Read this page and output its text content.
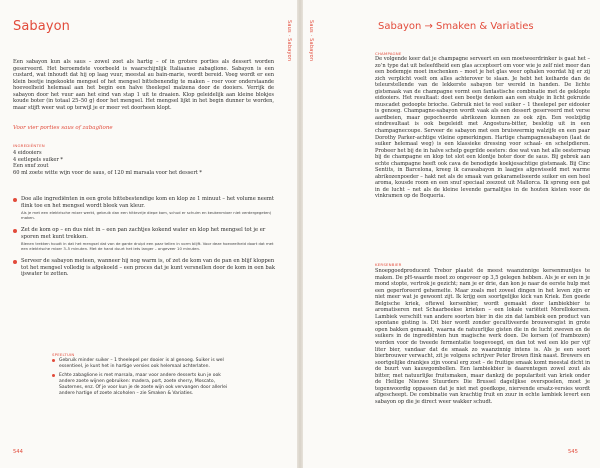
Sabayon

Een sabayon kun als saus – zowel zoet als hartig – of in grotere porties als dessert worden geserveerd. Het beroemdste voorbeeld is waarschijnlijk Italiaanse zabaglione. Sabayon is een custard, wat inhoudt dat hij op laag vuur, meestal au bain-marie, wordt bereid. Voeg wordt er een klein beetje ingekookte mengsel of het mengsel bittebenendig te maken – roer voor onderstaande hoeveelheid helemaal aan het begin een halve theelepel maïzena door de dooiers. Verrijk de sabayon door het vuur aan het eind van stap 1 uit te draaien. Klop geleidelijk aan kleine blokjes koude boter (in totaal 25–50 g) door het mengsel. Het mengsel lijkt in het begin dunner te worden, maar stijft weer wat op terwijl je er meer vet doorheen klopt.

Voor vier porties saus of zabaglione

INGREDIËNTEN
4 eidooiers
4 eetlepels suiker *
Een snuf zout
60 ml zoete witte wijn voor de saus, of 120 ml marsala voor het dessert *
Doe alle ingrediënten in een grote bittebestendige kom en klop ze 1 minuut – het volume neemt flink toe en het mengsel wordt bleek van kleur.
Als je met een elektrische mixer werkt, gebruik dan een hittevrije diepe kom, schud er schuim en keukenmixer niet verdergegeten) maken.
Zet de kom op – en dus niet in – een pan zachtjes kokend water en klop het mengsel tot je er sporen met kunt trekken.
Blenen trekken houdt in dat het mengsel dat van de garde druipt een paar tellen in vorm blijft. Voor deze hoeveelheid doort dat met een elektrische mixer 3–5 minuten. Met de hand duurt het iets langer – ongeveer 10 minuten.
Serveer de sabayon meteen, wanneer hij nog warm is, of zet de kom van de pan en blijf kloppen tot het mengsel volledig is afgekoeld – een proces dat je kunt versnellen door de kom in een bak ijswater te zetten.
SPEELTUIN
Gebruik minder suiker – 1 theelepel per dooier is al genoeg. Suiker is wel essentieel, je kunt het in hartige versies ook helemaal achterlaten.
Echte zabaglione is met marsala, maar voor andere desserts kun je ook andere zoete wijnen gebruiken: madera, port, zoete sherry, Moscato, Sauternes, enz. Of je voor kun je de zoete wijn ook vervangen door allerlei andere hartige of zoete alcoholen – zie Smaken & Variaties.
544
Saus · Sabayon	Saus · Sabayon	Sabayon → Smaken & Variaties
CHAMPAGNE

De volgende keer dat je champagne serveert en een moetweerdrinker is gaat het – zo’n type dat uit beleefdheid een glas accepteert om voor wie je zelf niet meer dan een bodempje moet inschenken – moet je het glas weer ophalen voordat hij er zij zich verplicht voelt om alles achterover te slaan. Je hebt het keiharde dan de teleurstellende van de lekkerste sabayon ter wereld in handen. De lichte gistsmaak van de champagne vormt een fantastische combinatie met de gekloptе eidooiers. Het resultaat: doet een beetje denken aan een stukje in licht gekruide muscadet gedoopte brioche. Gebruik niet te veel suiker – 1 theelepel per eidooier is genoeg. Champagne-sabayon wordt vaak als een dessert geserveerd met verse aardbeien, maar gepocheerde abrikozen kunnen ze ook zijn. Een veelzijdig eindresultaat is ook begeleidt met Angostura-bitter, beslotig uit in een champagnecoupe. Serveer de sabayon met een bruiswermig walzijfe en een paar Dorothy Parker-achtige vileine opmerkingen. Hartige champagnesabayon (laat de suiker helemaal weg) is een klassieke dressing voor schaal- en schelpdieren. Probeer het bij de in halve schelp gegrilde oesters: doe wat van het alle oesterrsap bij de champagne en klop tot slot een klontje boter door de saus. Bij gebrek aan echte champagne heeft ook cava de benodigde koekjesachtige gistsmaak. Bij Cinc Sentits, in Barcelona, kreeg ik cavasabayon in laagjes afgewisseld met warme abrikozenpoeder – hakt net als de smaak van gekarameliseerde suiker en een heel aroma, kousde room en een snuf speciaal zeezout uit Mallorca. Ik spreng een gat in de lucht – net als de kleine levende garnalitjes in de houten kisten voor de vinkramen op de Boqueria.

KERSENBIER

Snoepgoedproducent Trebor plaatst de meest waanzinnige kersenmuntjes te maken. De pH-waarde moet zo ongeveer op 3,5 gelegen hebben. Als je er een in je mond stopte, vertrok je gezicht; nam je er drie, dan kon je naar de eerste hulp met een geperforeerd gehemelte. Maar zoals met zoveel dingen in het leven zijn er niet meer wat je gewoont zijt. Ik krijg een soortgelijke kick van Kriek. Een goede Belgische kriek, oftewel kersenbier, wordt gemaakt door lambiekbier te aromatiseren met Schaarbeekse krieken – een lokale variëteit Morellokersen. Lambiek verschilt van andere soorten bier in die zin dat lambiek een product van spontane gisting is. Dit bier wordt zonder gecultiveerde brouwersgist in grote open bakken gemaakt, waarna de natuurlijke gisten die in de lucht zweven en de suikers in de ingrediënten hun magische werk doen. De kersen (of frambozen) worden voor de tweede fermentatie toegevoegd, en dan tot wel een klo per vijf liter bier, vandaar dat de smaak zo waanzinnig intens is. Als je een soort bierbrouwer verwacht, zit je volgens schrijver Peter Brown flink naast. Brewers en soortgelijke drankjes zijn vooral erg zoet – de fruitige smaak komt meestal dicht in de buurt van kauwgombollen. Een lambiekbier is daarentegen zowel zout als bitter, met natuurlijke fruitsmaken, maar dankzij de populariteit van kriek onder de Heilige Nieuwe Stuurders Die Brussel dagelijkse overspoelen, moet je tegenwoordig oppassen dat je niet met goedkope, niervende ersatz-versies wordt afgescheept. De combinatie van krachtig fruit en zuur in echte lambiek levert een sabayon op die je direct weer wakker schudt.

545
